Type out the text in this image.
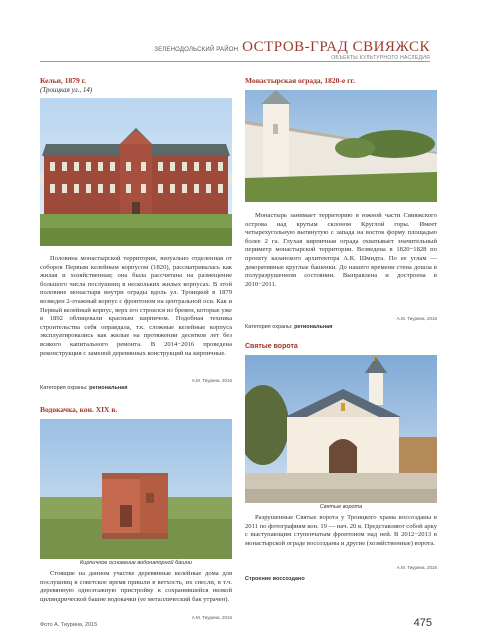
ЗЕЛЕНОДОЛЬСКИЙ РАЙОН ОСТРОВ-ГРАД СВИЯЖСК
ОБЪЕКТЫ КУЛЬТУРНОГО НАСЛЕДИЯ
Кельи, 1879 г.
(Троицкая ул., 14)
Половина монастырской территории, визуально отделенная от соборов Первым келейным корпусом (1820), рассматривалась как жилая и хозяйственная; она была рассчитана на размещение большого числа послушниц в нескольких жилых корпусах. В этой половине монастыря внутри ограды вдоль ул. Троицкой в 1879 возведен 2-этажный корпус с фронтоном на центральной оси. Как и Первый келейный корпус, верх его строился из бревен, которые уже в 1892 облицевали красным кирпичом. Подобная техника строительства себя оправдала, т.к. сложные келейные корпуса эксплуатировались как жилые на протяжении десятков лет без всякого капитального ремонта. В 2014−2016 проведена реконструкция с заменой деревянных конструкций на кирпичные.
А.М. Тиурина, 2016
Категория охраны: региональная
Водокачка, кон. XIX в.
Кирпичное основание водонапорной башни
Стоящие на данном участке деревянные келейные дома для послушниц в советское время пришли в ветхость, их снесли, в т.ч. деревянную одноэтажную пристройку к сохранившейся низкой цилиндрической башне водокачки (ее металлический бак утрачен).
А.М. Тиурина, 2016
Монастырская ограда, 1820-е гг.
Монастырь занимает территорию в южной части Свияжского острова над крутым склоном Круглой горы. Имеет четырехугольную вытянутую с запада на восток форму площадью более 2 га. Глухая кирпичная ограда охватывает значительный периметр монастырской территории. Возведена в 1820−1828 по проекту казанского архитектора А.К. Шмидта. По ее углам — декоративные круглые башенки. До нашего времени стена дошла в полуразрушенном состоянии. Выправлена и достроена в 2010−2011.
А.М. Тиурина, 2016
Категория охраны: региональная
Святые ворота
Святые ворота
Разрушенные Святые ворота у Троицкого храма воссозданы в 2011 по фотографиям кон. 19 — нач. 20 в. Представляют собой арку с выступающим ступенчатым фронтоном над ней. В 2012−2013 в монастырской ограде воссозданы и другие (хозяйственные) ворота.
А.М. Тиурина, 2016
Строение воссоздано
Фото А. Тиурина, 2015	475
